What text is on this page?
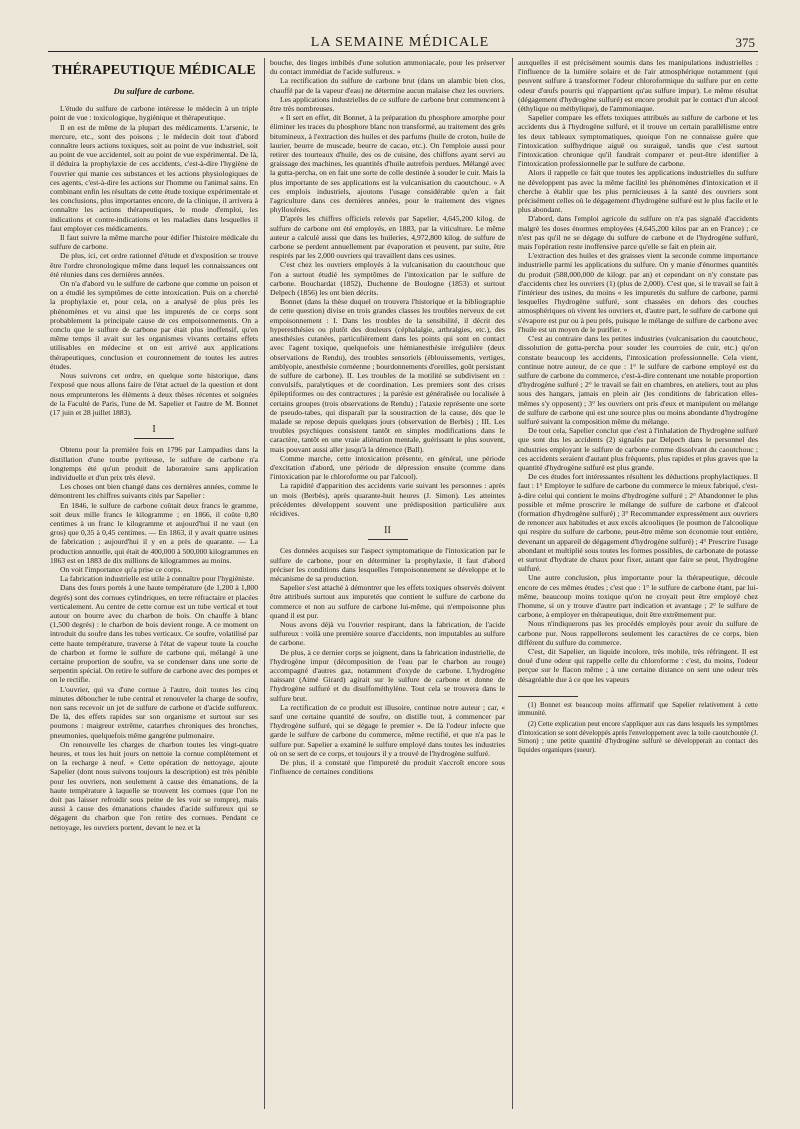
LA SEMAINE MÉDICALE	375
THÉRAPEUTIQUE MÉDICALE
Du sulfure de carbone.

L'étude du sulfure de carbone intéresse le médecin à un triple point de vue : toxicologique, hygiénique et thérapeutique.

Il en est de même de la plupart des médicaments. L'arsenic, le mercure, etc., sont des poisons ; le médecin doit tout d'abord connaître leurs actions toxiques, soit au point de vue industriel, soit au point de vue accidentel, soit au point de vue expérimental. De là, il déduira la prophylaxie de ces accidents, c'est-à-dire l'hygiène de l'ouvrier qui manie ces substances et les actions physiologiques de ces agents, c'est-à-dire les actions sur l'homme ou l'animal sains. En combinant enfin les résultats de cette étude toxique expérimentale et les conclusions, plus importantes encore, de la clinique, il arrivera à connaître les actions thérapeutiques, le mode d'emploi, les indications et contre-indications et les maladies dans lesquelles il faut employer ces médicaments.

Il faut suivre la même marche pour édifier l'histoire médicale du sulfure de carbone.

De plus, ici, cet ordre rationnel d'étude et d'exposition se trouve être l'ordre chronologique même dans lequel les connaissances ont été réunies dans ces dernières années.

On n'a d'abord vu le sulfure de carbone que comme un poison et on a étudié les symptômes de cette intoxication. Puis on a cherché la prophylaxie et, pour cela, on a analysé de plus près les phénomènes et vu ainsi que les impuretés de ce corps sont probablement la principale cause de ces empoisonnements. On a conclu que le sulfure de carbone par était plus inoffensif, qu'en même temps il avait sur les organismes vivants certains effets utilisables en médecine et on est arrivé aux applications thérapeutiques, conclusion et couronnement de toutes les autres études.

Nous suivrons cet ordre, en quelque sorte historique, dans l'exposé que nous allons faire de l'état actuel de la question et dont nous emprunterons les éléments à deux thèses récentes et soignées de la Faculté de Paris, l'une de M. Sapelier et l'autre de M. Bonnet (17 juin et 28 juillet 1883).

I

Obtenu pour la première fois en 1796 par Lampadius dans la distillation d'une tourbe pyriteuse, le sulfure de carbone n'a longtemps été qu'un produit de laboratoire sans application individuelle et d'un prix très élevé.

Les choses ont bien changé dans ces dernières années, comme le démontrent les chiffres suivants cités par Sapelier :

En 1846, le sulfure de carbone coûtait deux francs le gramme, soit deux mille francs le kilogramme ; en 1866, il coûte 0,80 centimes à un franc le kilogramme et aujourd'hui il ne vaut (en gros) que 0,35 à 0,45 centimes. — En 1863, il y avait quatre usines de fabrication ; aujourd'hui il y en a près de quarante. — La production annuelle, qui était de 400,000 à 500,000 kilogrammes en 1863 est en 1883 de dix millions de kilogrammes au moins.

On voit l'importance qu'a prise ce corps.

La fabrication industrielle est utile à connaître pour l'hygiéniste.

Dans des fours portés à une haute température (de 1,200 à 1,800 degrés) sont des cornues cylindriques, en terre réfractaire et placées verticalement. Au centre de cette cornue est un tube vertical et tout autour on bourre avec du charbon de bois. On chauffe à blanc (1,500 degrés) : le charbon de bois devient rouge. A ce moment on introduit du soufre dans les tubes verticaux. Ce soufre, volatilisé par cette haute température, traverse à l'état de vapeur toute la couche de charbon et forme le sulfure de carbone qui, mélangé à une certaine proportion de soufre, va se condenser dans une sorte de serpentin spécial. On retire le sulfure de carbone avec des pompes et on le rectifie.

L'ouvrier, qui va d'une cornue à l'autre, doit toutes les cinq minutes déboucher le tube central et renouveler la charge de soufre, non sans recevoir un jet de sulfure de carbone et d'acide sulfureux. De là, des effets rapides sur son organisme et surtout sur ses poumons : maigreur extrême, catarrhes chroniques des bronches, pneumonies, quelquefois même gangrène pulmonaire.

On renouvelle les charges de charbon toutes les vingt-quatre heures, et tous les huit jours on nettoie la cornue complètement et on la recharge à neuf. « Cette opération de nettoyage, ajoute Sapelier (dont nous suivons toujours la description) est très pénible pour les ouvriers, non seulement à cause des émanations, de la haute température à laquelle se trouvent les cornues (que l'on ne doit pas laisser refroidir sous peine de les voir se rompre), mais aussi à cause des émanations chaudes d'acide sulfureux qui se dégagent du charbon que l'on retire des cornues. Pendant ce nettoyage, les ouvriers portent, devant le nez et la

bouche, des linges imbibés d'une solution ammoniacale, pour les préserver du contact immédiat de l'acide sulfureux. »

La rectification du sulfure de carbone brut (dans un alambic bien clos, chauffé par de la vapeur d'eau) ne détermine aucun malaise chez les ouvriers.

Les applications industrielles de ce sulfure de carbone brut commencent à être très nombreuses.

« Il sert en effet, dit Bonnet, à la préparation du phosphore amorphe pour éliminer les traces du phosphore blanc non transformé, au traitement des grès bitumineux, à l'extraction des huiles et des parfums (huile de croton, huile de laurier, beurre de muscade, beurre de cacao, etc.). On l'emploie aussi pour retirer des tourteaux d'huile, des os de cuisine, des chiffons ayant servi au graissage des machines, les quantités d'huile autrefois perdues. Mélangé avec la gutta-percha, on en fait une sorte de colle destinée à souder le cuir. Mais la plus importante de ses applications est la vulcanisation du caoutchouc. » A ces emplois industriels, ajoutons l'usage considérable qu'en a fait l'agriculture dans ces dernières années, pour le traitement des vignes phylloxérées.

D'après les chiffres officiels relevés par Sapelier, 4,645,200 kilog. de sulfure de carbone ont été employés, en 1883, par la viticulture. Le même auteur a calculé aussi que dans les huileries, 4,972,800 kilog. de sulfure de carbone se perdent annuellement par évaporation et peuvent, par suite, être respirés par les 2,000 ouvriers qui travaillent dans ces usines.

C'est chez les ouvriers employés à la vulcanisation du caoutchouc que l'on a surtout étudié les symptômes de l'intoxication par le sulfure de carbone. Bouchardat (1852), Duchenne de Boulogne (1853) et surtout Delpech (1856) les ont bien décrits.

Bonnet (dans la thèse duquel on trouvera l'historique et la bibliographie de cette question) divise en trois grandes classes les troubles nerveux de cet empoisonnement : I. Dans les troubles de la sensibilité, il décrit des hyperesthésies ou plutôt des douleurs (céphalalgie, arthralgies, etc.), des anesthésies cutanées, particulièrement dans les points qui sont en contact avec l'agent toxique, quelquefois une hémianesthésie irrégulière (deux observations de Rendu), des troubles sensoriels (éblouissements, vertiges, amblyopie, anesthésie cornéenne ; bourdonnements d'oreilles, goût persistant de sulfure de carbone). II. Les troubles de la motilité se subdivisent en : convulsifs, paralytiques et de coordination. Les premiers sont des crises épileptiformes ou des contractures ; la parésie est généralisée ou localisée à certains groupes (trois observations de Rendu) ; l'ataxie représente une sorte de pseudo-tabes, qui disparaît par la soustraction de la cause, dès que le malade se repose depuis quelques jours (observation de Berbès) ; III. Les troubles psychiques consistent tantôt en simples modifications dans le caractère, tantôt en une vraie aliénation mentale, guérissant le plus souvent, mais pouvant aussi aller jusqu'à la démence (Ball).

Comme marche, cette intoxication présente, en général, une période d'excitation d'abord, une période de dépression ensuite (comme dans l'intoxication par le chloroforme ou par l'alcool).

La rapidité d'apparition des accidents varie suivant les personnes : après un mois (Berbès), après quarante-huit heures (J. Simon). Les atteintes précédentes développent souvent une prédisposition particulière aux récidives.

II

Ces données acquises sur l'aspect symptomatique de l'intoxication par le sulfure de carbone, pour en déterminer la prophylaxie, il faut d'abord préciser les conditions dans lesquelles l'empoisonnement se développe et le mécanisme de sa production.

Sapelier s'est attaché à démontrer que les effets toxiques observés doivent être attribués surtout aux impuretés que contient le sulfure de carbone du commerce et non au sulfure de carbone lui-même, qui n'empoisonne plus quand il est pur.

Nous avons déjà vu l'ouvrier respirant, dans la fabrication, de l'acide sulfureux : voilà une première source d'accidents, non imputables au sulfure de carbone.

De plus, à ce dernier corps se joignent, dans la fabrication industrielle, de l'hydrogène impur (décomposition de l'eau par le charbon au rouge) accompagné d'autres gaz, notamment d'oxyde de carbone. L'hydrogène naissant (Aimé Girard) agirait sur le sulfure de carbone et donne de l'hydrogène sulfuré et du disulfométhylène. Tout cela se trouvera dans le sulfure brut.

La rectification de ce produit est illusoire, continue notre auteur ; car, « sauf une certaine quantité de soufre, on distille tout, à commencer par l'hydrogène sulfuré, qui se dégage le premier ». De là l'odeur infecte que garde le sulfure de carbone du commerce, même rectifié, et que n'a pas le sulfure pur. Sapelier a examiné le sulfure employé dans toutes les industries où on se sert de ce corps, et toujours il y a trouvé de l'hydrogène sulfuré.

De plus, il a constaté que l'impureté du produit s'accroît encore sous l'influence de certaines conditions

auxquelles il est précisément soumis dans les manipulations industrielles : l'influence de la lumière solaire et de l'air atmosphérique notamment (qui peuvent sulfure à transformer l'odeur chloroformique du sulfure pur en cette odeur d'œufs pourris qui n'appartient qu'au sulfure impur). Le même résultat (dégagement d'hydrogène sulfuré) est encore produit par le contact d'un alcool (éthylique ou méthylique), de l'ammoniaque.

Sapelier compare les effets toxiques attribués au sulfure de carbone et les accidents dus à l'hydrogène sulfuré, et il trouve un certain parallélisme entre les deux tableaux symptomatiques, quoique l'on ne connaisse guère que l'intoxication sulfhydrique aiguë ou suraiguë, tandis que c'est surtout l'intoxication chronique qu'il faudrait comparer et peut-être identifier à l'intoxication professionnelle par le sulfure de carbone.

Alors il rappelle ce fait que toutes les applications industrielles du sulfure ne développent pas avec la même facilité les phénomènes d'intoxication et il cherche à établir que les plus pernicieuses à la santé des ouvriers sont précisément celles où le dégagement d'hydrogène sulfuré est le plus facile et le plus abondant.

D'abord, dans l'emploi agricole du sulfure on n'a pas signalé d'accidents malgré les doses énormes employées (4,645,200 kilos par an en France) ; ce n'est pas qu'il ne se dégage du sulfure de carbone et de l'hydrogène sulfuré, mais l'opération reste inoffensive parce qu'elle se fait en plein air.

L'extraction des huiles et des graisses vient la seconde comme importance industrielle parmi les applications du sulfure. On y manie d'énormes quantités du produit (588,000,000 de kilogr. par an) et cependant on n'y constate pas d'accidents chez les ouvriers (1) (plus de 2,000). C'est que, si le travail se fait à l'intérieur des usines, du moins « les impuretés du sulfure de carbone, parmi lesquelles l'hydrogène sulfuré, sont chassées en dehors des couches atmosphériques où vivent les ouvriers et, d'autre part, le sulfure de carbone qui s'évapore est pur ou à peu près, puisque le mélange de sulfure de carbone avec l'huile est un moyen de le purifier. »

C'est au contraire dans les petites industries (vulcanisation du caoutchouc, dissolution de gutta-percha pour souder les courroies de cuir, etc.) qu'on constate beaucoup les accidents, l'intoxication professionnelle. Cela vient, continue notre auteur, de ce que : 1° le sulfure de carbone employé est du sulfure de carbone du commerce, c'est-à-dire contenant une notable proportion d'hydrogène sulfuré ; 2° le travail se fait en chambres, en ateliers, tout au plus sous des hangars, jamais en plein air (les conditions de fabrication elles-mêmes s'y opposent) ; 3° les ouvriers ont pris d'eux et manipulent ou mélange de sulfure de carbone qui est une source plus ou moins abondante d'hydrogène sulfuré suivant la composition même du mélange.

De tout cela, Sapelier conclut que c'est à l'inhalation de l'hydrogène sulfuré que sont dus les accidents (2) signalés par Delpech dans le personnel des industries employant le sulfure de carbone comme dissolvant du caoutchouc ; ces accidents seraient d'autant plus fréquents, plus rapides et plus graves que la quantité d'hydrogène sulfuré est plus grande.

De ces études fort intéressantes résultent les déductions prophylactiques. Il faut : 1° Employer le sulfure de carbone du commerce le mieux fabriqué, c'est-à-dire celui qui contient le moins d'hydrogène sulfuré ; 2° Abandonner le plus possible et même proscrire le mélange de sulfure de carbone et d'alcool (formation d'hydrogène sulfuré) ; 3° Recommander expressément aux ouvriers de renoncer aux habitudes et aux excès alcooliques (le poumon de l'alcoolique qui respire du sulfure de carbone, peut-être même son économie tout entière, devenant un appareil de dégagement d'hydrogène sulfuré) ; 4° Prescrire l'usage abondant et multiplié sous toutes les formes possibles, de carbonate de potasse et surtout d'hydrate de chaux pour fixer, autant que faire se peut, l'hydrogène sulfuré.

Une autre conclusion, plus importante pour la thérapeutique, découle encore de ces mêmes études ; c'est que : 1° le sulfure de carbone étant, par lui-même, beaucoup moins toxique qu'on ne croyait peut être employé chez l'homme, si on y trouve d'autre part indication et avantage ; 2° le sulfure de carbone, à employer en thérapeutique, doit être extrêmement pur.

Nous n'indiquerons pas les procédés employés pour avoir du sulfure de carbone pur. Nous rappellerons seulement les caractères de ce corps, bien différent du sulfure du commerce.

C'est, dit Sapelier, un liquide incolore, très mobile, très réfringent. Il est doué d'une odeur qui rappelle celle du chloroforme : c'est, du moins, l'odeur perçue sur le flacon même ; à une certaine distance on sent une odeur très désagréable due à ce que les vapeurs

(1) Bonnet est beaucoup moins affirmatif que Sapelier relativement à cette immunité.

(2) Cette explication peut encore s'appliquer aux cas dans lesquels les symptômes d'intoxication se sont développés après l'enveloppement avec la toile caoutchoutée (J. Simon) ; une petite quantité d'hydrogène sulfuré se développerait au contact des liquides organiques (sueur).
